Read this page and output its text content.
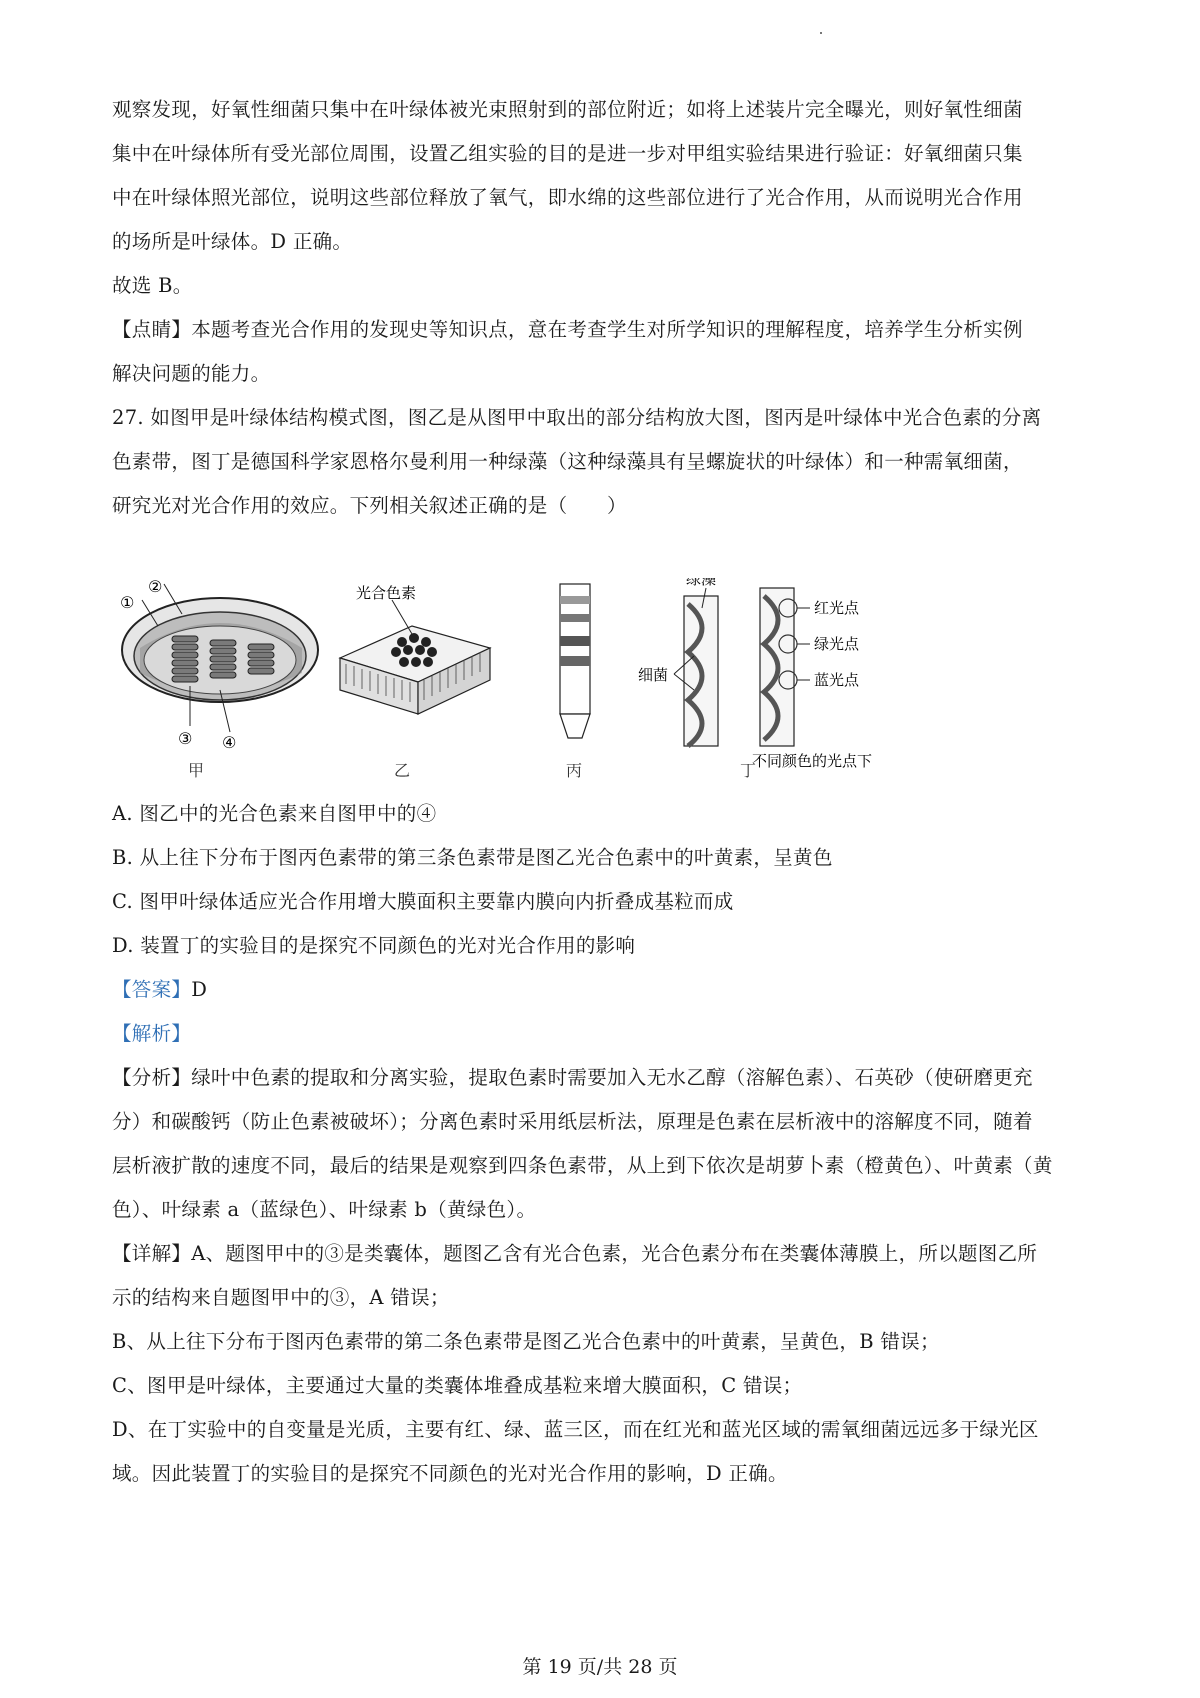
观察发现，好氧性细菌只集中在叶绿体被光束照射到的部位附近；如将上述装片完全曝光，则好氧性细菌
集中在叶绿体所有受光部位周围，设置乙组实验的目的是进一步对甲组实验结果进行验证：好氧细菌只集
中在叶绿体照光部位，说明这些部位释放了氧气，即水绵的这些部位进行了光合作用，从而说明光合作用
的场所是叶绿体。D 正确。
故选 B。
【点睛】本题考查光合作用的发现史等知识点，意在考查学生对所学知识的理解程度，培养学生分析实例
解决问题的能力。
27. 如图甲是叶绿体结构模式图，图乙是从图甲中取出的部分结构放大图，图丙是叶绿体中光合色素的分离
色素带，图丁是德国科学家恩格尔曼利用一种绿藻（这种绿藻具有呈螺旋状的叶绿体）和一种需氧细菌，
研究光对光合作用的效应。下列相关叙述正确的是（　　）
①
②
③ ④
光合色素
绿藻
细菌
红光点
绿光点
蓝光点
不同颜色的光点下
甲	乙	丙	丁
A. 图乙中的光合色素来自图甲中的④
B. 从上往下分布于图丙色素带的第三条色素带是图乙光合色素中的叶黄素，呈黄色
C. 图甲叶绿体适应光合作用增大膜面积主要靠内膜向内折叠成基粒而成
D. 装置丁的实验目的是探究不同颜色的光对光合作用的影响
【答案】D
【解析】
【分析】绿叶中色素的提取和分离实验，提取色素时需要加入无水乙醇（溶解色素）、石英砂（使研磨更充
分）和碳酸钙（防止色素被破坏）；分离色素时采用纸层析法，原理是色素在层析液中的溶解度不同，随着
层析液扩散的速度不同，最后的结果是观察到四条色素带，从上到下依次是胡萝卜素（橙黄色）、叶黄素（黄
色）、叶绿素 a（蓝绿色）、叶绿素 b（黄绿色）。
【详解】A、题图甲中的③是类囊体，题图乙含有光合色素，光合色素分布在类囊体薄膜上，所以题图乙所
示的结构来自题图甲中的③，A 错误；
B、从上往下分布于图丙色素带的第二条色素带是图乙光合色素中的叶黄素，呈黄色，B 错误；
C、图甲是叶绿体，主要通过大量的类囊体堆叠成基粒来增大膜面积，C 错误；
D、在丁实验中的自变量是光质，主要有红、绿、蓝三区，而在红光和蓝光区域的需氧细菌远远多于绿光区
域。因此装置丁的实验目的是探究不同颜色的光对光合作用的影响，D 正确。
第 19 页/共 28 页
